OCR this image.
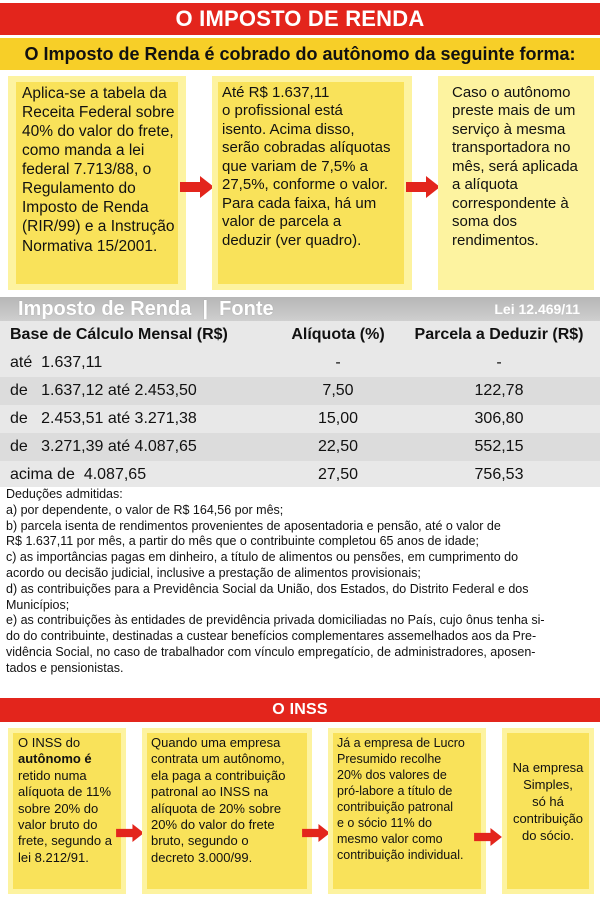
O IMPOSTO DE RENDA
O Imposto de Renda é cobrado do autônomo da seguinte forma:
Aplica-se a tabela da
Receita Federal sobre
40% do valor do frete,
como manda a lei
federal 7.713/88, o
Regulamento do
Imposto de Renda
(RIR/99) e a Instrução
Normativa 15/2001.
Até R$ 1.637,11
o profissional está
isento. Acima disso,
serão cobradas alíquotas
que variam de 7,5% a
27,5%, conforme o valor.
Para cada faixa, há um
valor de parcela a
deduzir (ver quadro).
Caso o autônomo
preste mais de um
serviço à mesma
transportadora no
mês, será aplicada
a alíquota
correspondente à
soma dos
rendimentos.
Imposto de Renda  |  Fonte	Lei 12.469/11
Base de Cálculo Mensal (R$)	Alíquota (%)	Parcela a Deduzir (R$)
até  1.637,11	-	-
de   1.637,12 até 2.453,50	7,50	122,78
de   2.453,51 até 3.271,38	15,00	306,80
de   3.271,39 até 4.087,65	22,50	552,15
acima de  4.087,65	27,50	756,53

Deduções admitidas:

a) por dependente, o valor de R$ 164,56 por mês;

b) parcela isenta de rendimentos provenientes de aposentadoria e pensão, até o valor de

R$ 1.637,11 por mês, a partir do mês que o contribuinte completou 65 anos de idade;

c) as importâncias pagas em dinheiro, a título de alimentos ou pensões, em cumprimento do

acordo ou decisão judicial, inclusive a prestação de alimentos provisionais;

d) as contribuições para a Previdência Social da União, dos Estados, do Distrito Federal e dos

Municípios;

e) as contribuições às entidades de previdência privada domiciliadas no País, cujo ônus tenha si-

do do contribuinte, destinadas a custear benefícios complementares assemelhados aos da Pre-

vidência Social, no caso de trabalhador com vínculo empregatício, de administradores, aposen-

tados e pensionistas.

O INSS
O INSS do
autônomo é
retido numa
alíquota de 11%
sobre 20% do
valor bruto do
frete, segundo a
lei 8.212/91.
Quando uma empresa
contrata um autônomo,
ela paga a contribuição
patronal ao INSS na
alíquota de 20% sobre
20% do valor do frete
bruto, segundo o
decreto 3.000/99.
Já a empresa de Lucro
Presumido recolhe
20% dos valores de
pró-labore a título de
contribuição patronal
e o sócio 11% do
mesmo valor como
contribuição individual.
Na empresa
Simples,
só há
contribuição
do sócio.
